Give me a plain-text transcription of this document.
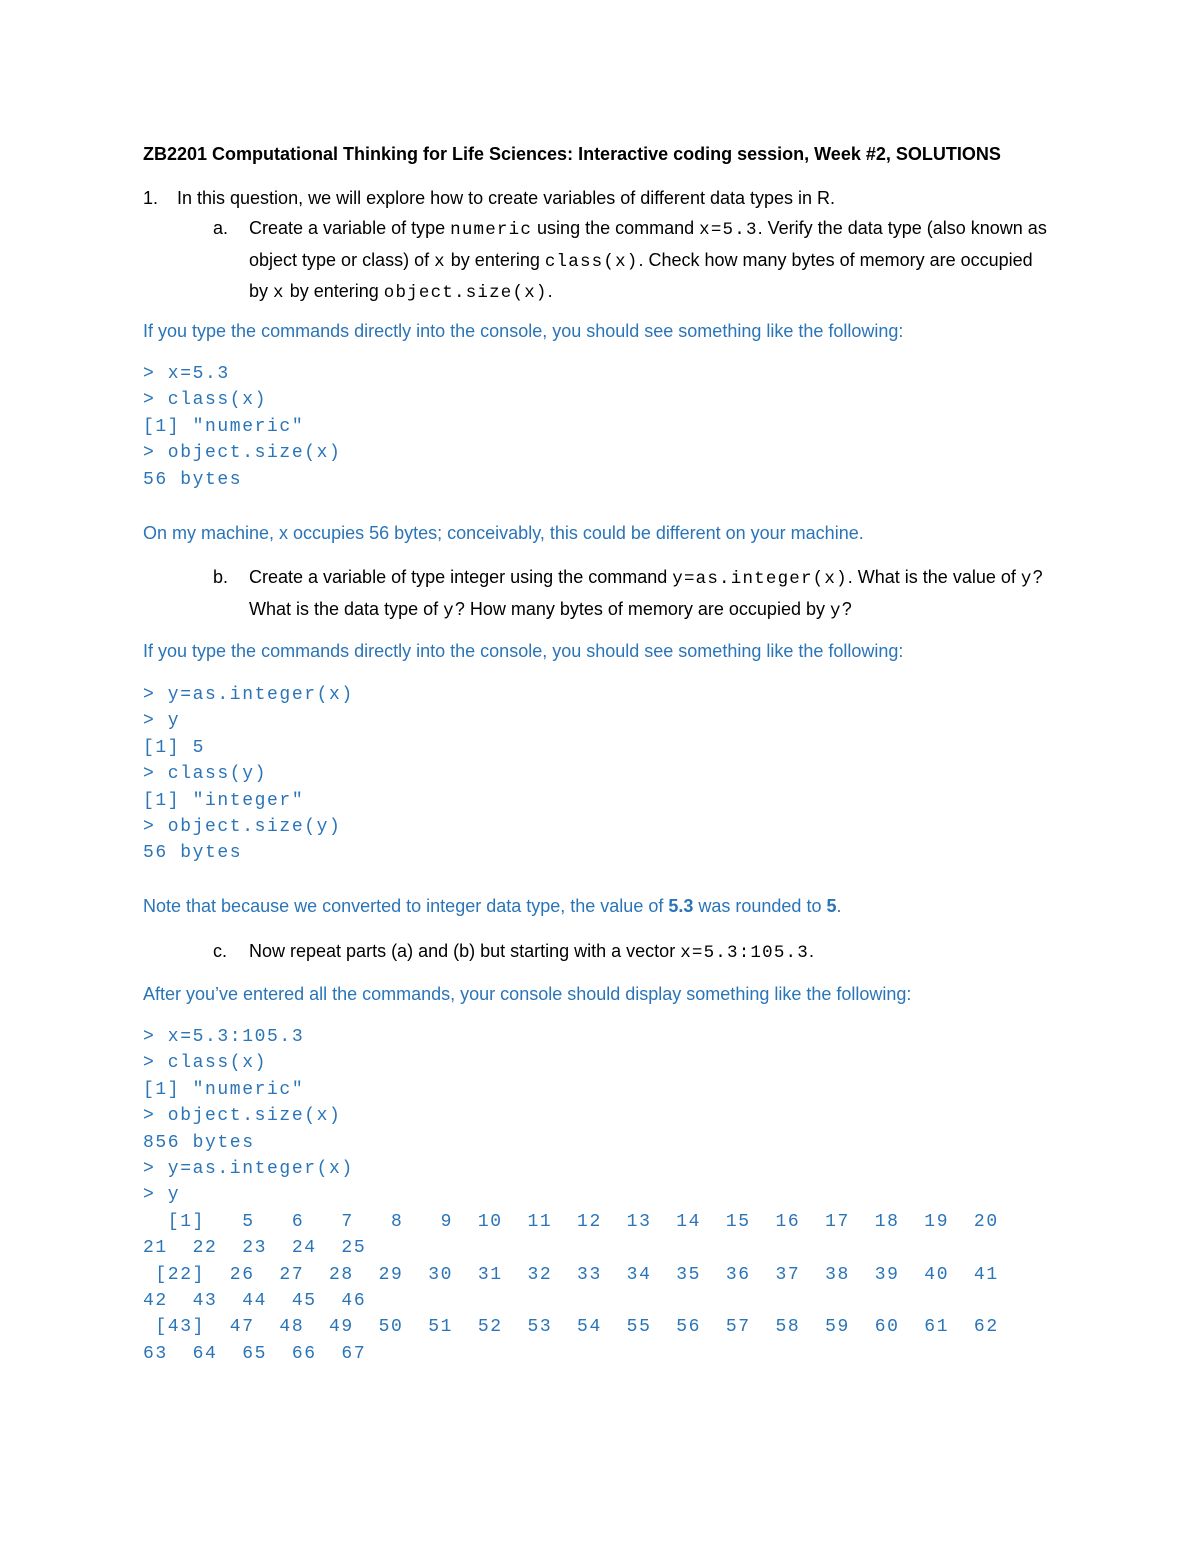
ZB2201 Computational Thinking for Life Sciences: Interactive coding session, Week #2, SOLUTIONS
1. In this question, we will explore how to create variables of different data types in R.
a. Create a variable of type numeric using the command x=5.3. Verify the data type (also known as object type or class) of x by entering class(x). Check how many bytes of memory are occupied by x by entering object.size(x).
If you type the commands directly into the console, you should see something like the following:
> x=5.3
> class(x)
[1] "numeric"
> object.size(x)
56 bytes
On my machine, x occupies 56 bytes; conceivably, this could be different on your machine.
b. Create a variable of type integer using the command y=as.integer(x). What is the value of y? What is the data type of y? How many bytes of memory are occupied by y?
If you type the commands directly into the console, you should see something like the following:
> y=as.integer(x)
> y
[1] 5
> class(y)
[1] "integer"
> object.size(y)
56 bytes
Note that because we converted to integer data type, the value of 5.3 was rounded to 5.
c. Now repeat parts (a) and (b) but starting with a vector x=5.3:105.3.
After you’ve entered all the commands, your console should display something like the following:
> x=5.3:105.3
> class(x)
[1] "numeric"
> object.size(x)
856 bytes
> y=as.integer(x)
> y
[1]   5   6   7   8   9  10  11  12  13  14  15  16  17  18  19  20
21  22  23  24  25
[22]  26  27  28  29  30  31  32  33  34  35  36  37  38  39  40  41
42  43  44  45  46
[43]  47  48  49  50  51  52  53  54  55  56  57  58  59  60  61  62
63  64  65  66  67
